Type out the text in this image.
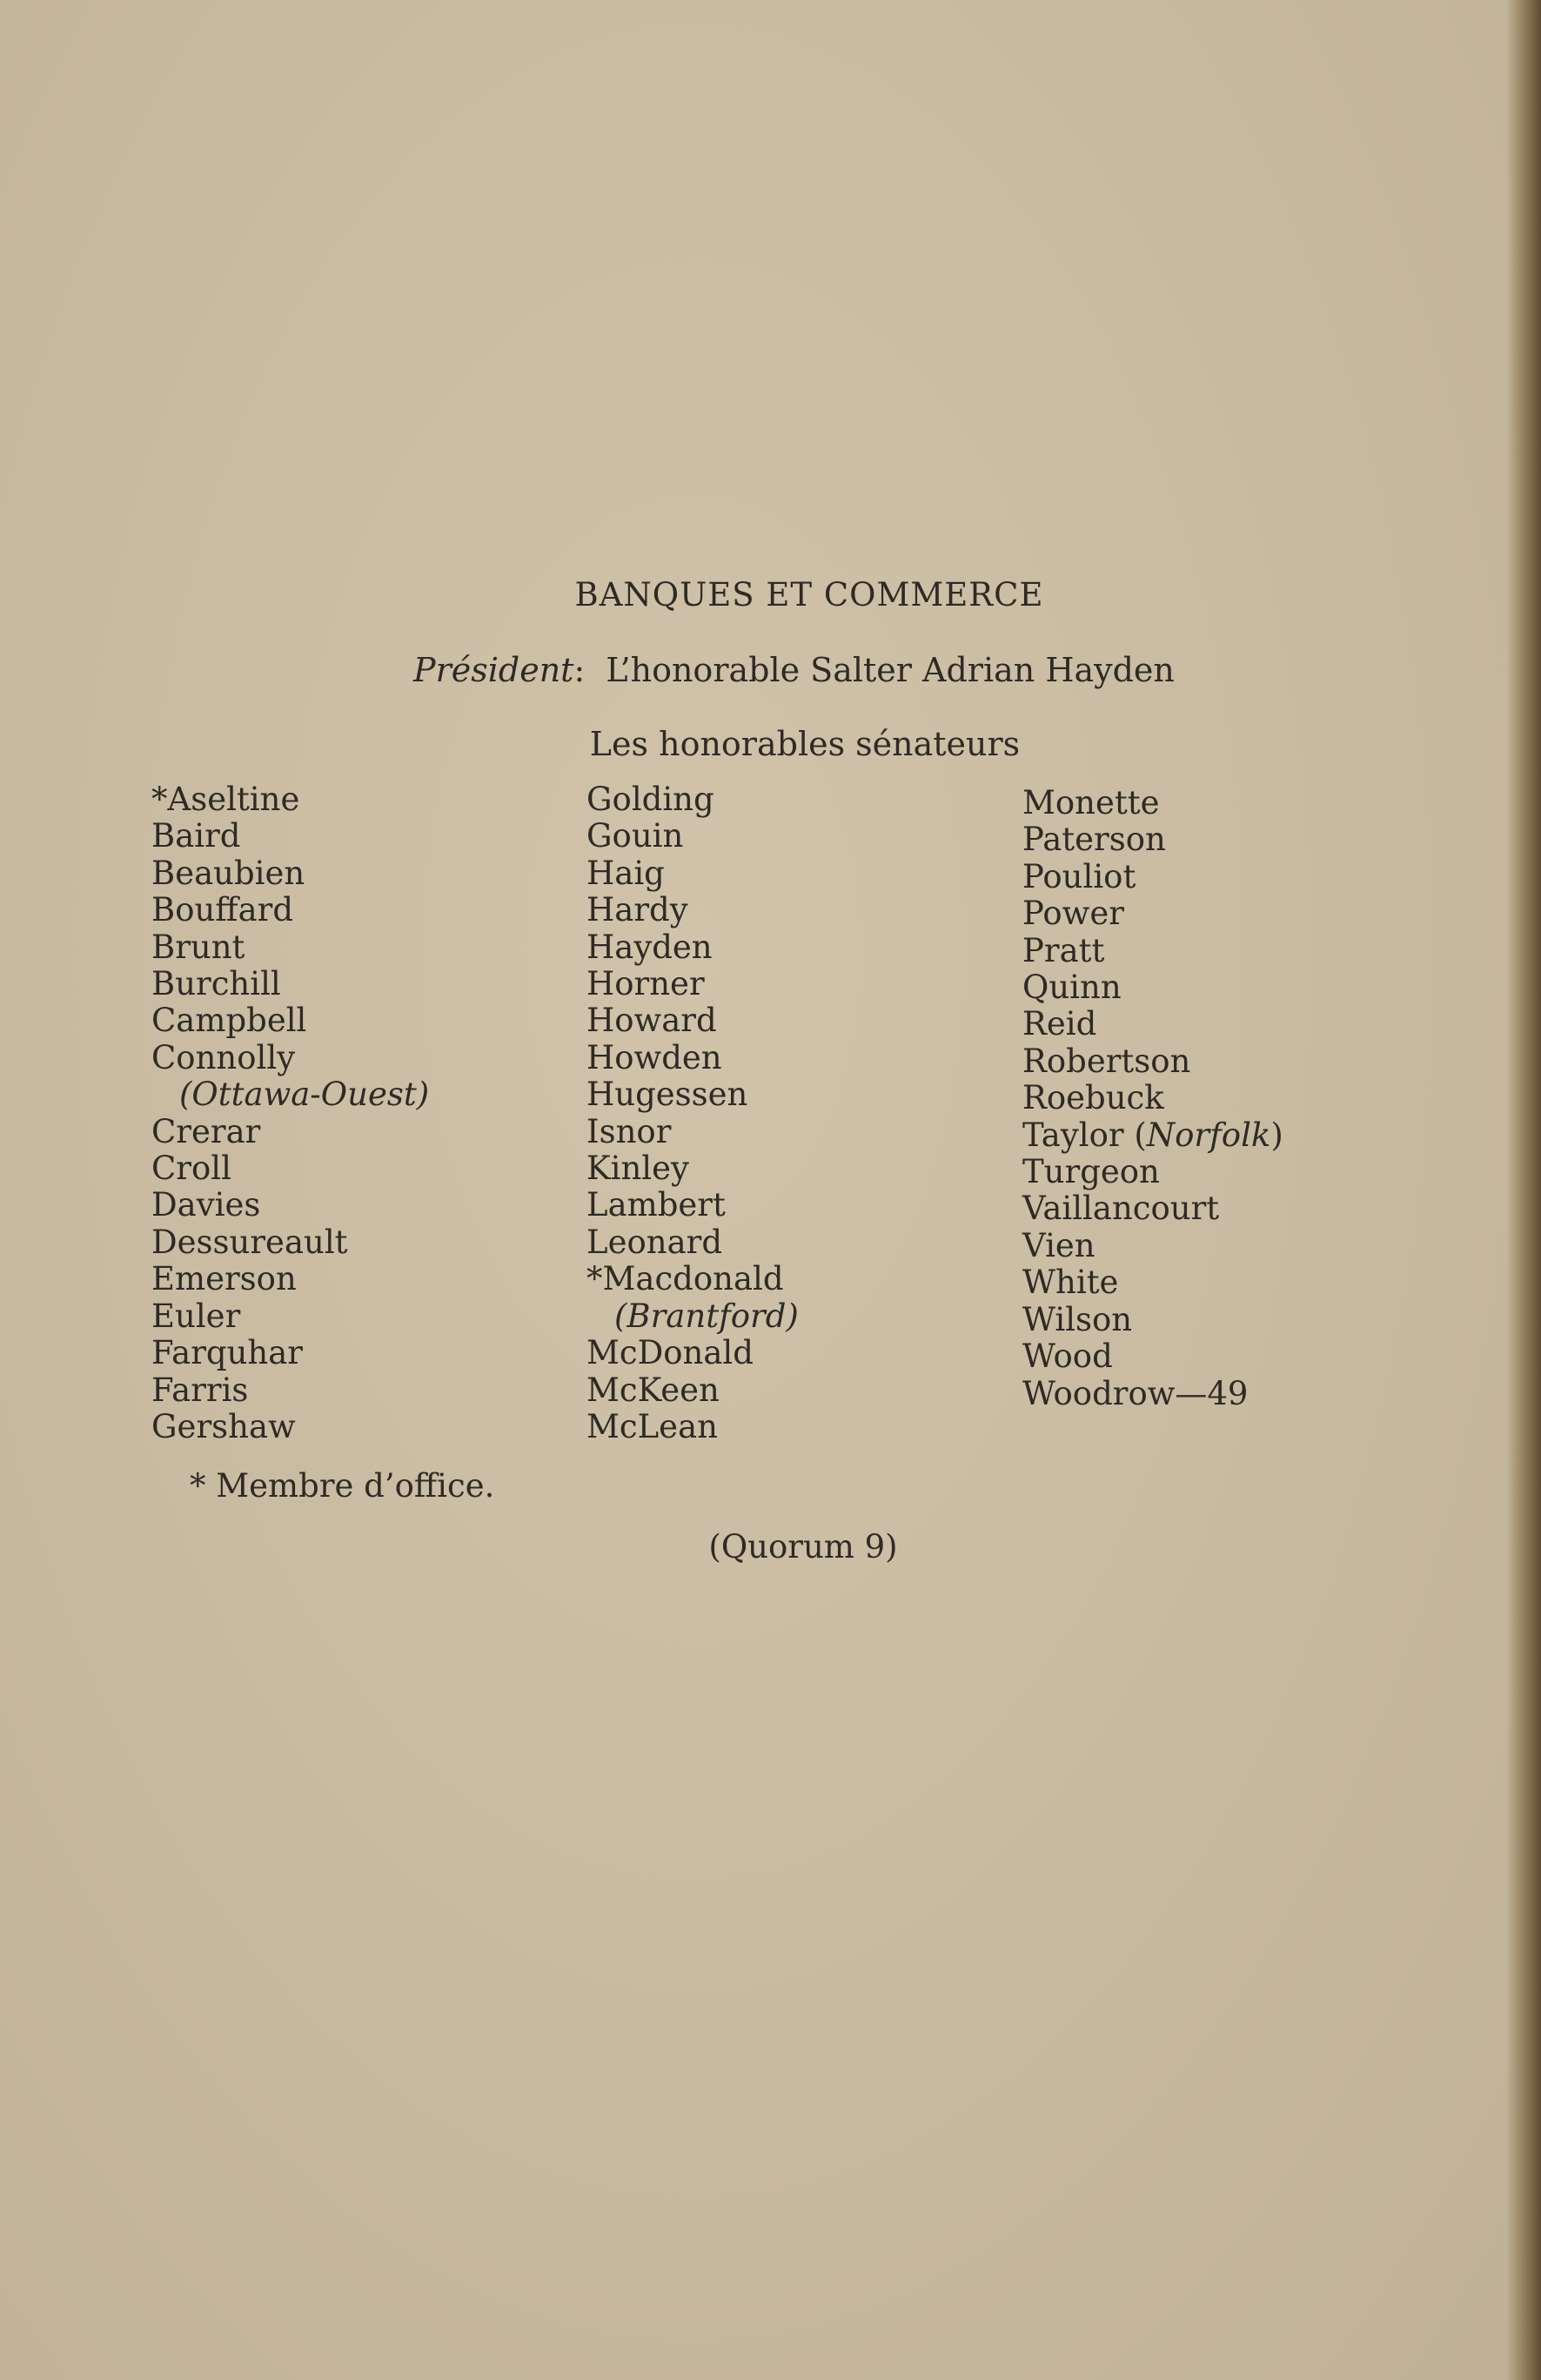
BANQUES ET COMMERCE
Président:  L’honorable Salter Adrian Hayden
Les honorables sénateurs
*Aseltine
Baird
Beaubien
Bouffard
Brunt
Burchill
Campbell
Connolly
(Ottawa-Ouest)
Crerar
Croll
Davies
Dessureault
Emerson
Euler
Farquhar
Farris
Gershaw
Golding
Gouin
Haig
Hardy
Hayden
Horner
Howard
Howden
Hugessen
Isnor
Kinley
Lambert
Leonard
*Macdonald
(Brantford)
McDonald
McKeen
McLean
Monette
Paterson
Pouliot
Power
Pratt
Quinn
Reid
Robertson
Roebuck
Taylor (Norfolk)
Turgeon
Vaillancourt
Vien
White
Wilson
Wood
Woodrow—49
* Membre d’office.
(Quorum 9)
